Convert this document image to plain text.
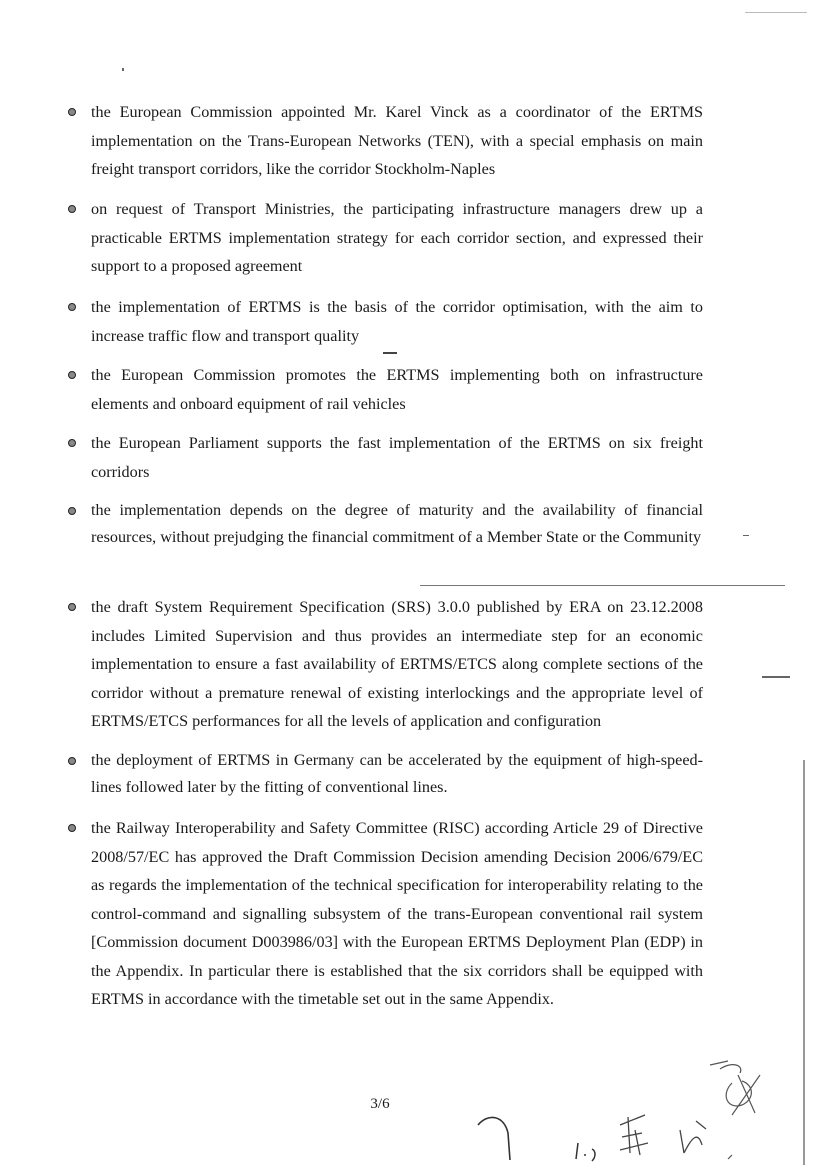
the European Commission appointed Mr. Karel Vinck as a coordinator of the ERTMS implementation on the Trans-European Networks (TEN), with a special emphasis on main freight transport corridors, like the corridor Stockholm-Naples

on request of Transport Ministries, the participating infrastructure managers drew up a practicable ERTMS implementation strategy for each corridor section, and expressed their support to a proposed agreement

the implementation of ERTMS is the basis of the corridor optimisation, with the aim to increase traffic flow and transport quality

the European Commission promotes the ERTMS implementing both on infrastructure elements and onboard equipment of rail vehicles

the European Parliament supports the fast implementation of the ERTMS on six freight corridors

the implementation depends on the degree of maturity and the availability of financial resources, without prejudging the financial commitment of a Member State or the Community

the draft System Requirement Specification (SRS) 3.0.0 published by ERA on 23.12.2008 includes Limited Supervision and thus provides an intermediate step for an economic implementation to ensure a fast availability of ERTMS/ETCS along complete sections of the corridor without a premature renewal of existing interlockings and the appropriate level of ERTMS/ETCS performances for all the levels of application and configuration

the deployment of ERTMS in Germany can be accelerated by the equipment of high-speed-lines followed later by the fitting of conventional lines.

the Railway Interoperability and Safety Committee (RISC) according Article 29 of Directive 2008/57/EC has approved the Draft Commission Decision amending Decision 2006/679/EC as regards the implementation of the technical specification for interoperability relating to the control-command and signalling subsystem of the trans-European conventional rail system [Commission document D003986/03] with the European ERTMS Deployment Plan (EDP) in the Appendix. In particular there is established that the six corridors shall be equipped with ERTMS in accordance with the timetable set out in the same Appendix.

3/6
